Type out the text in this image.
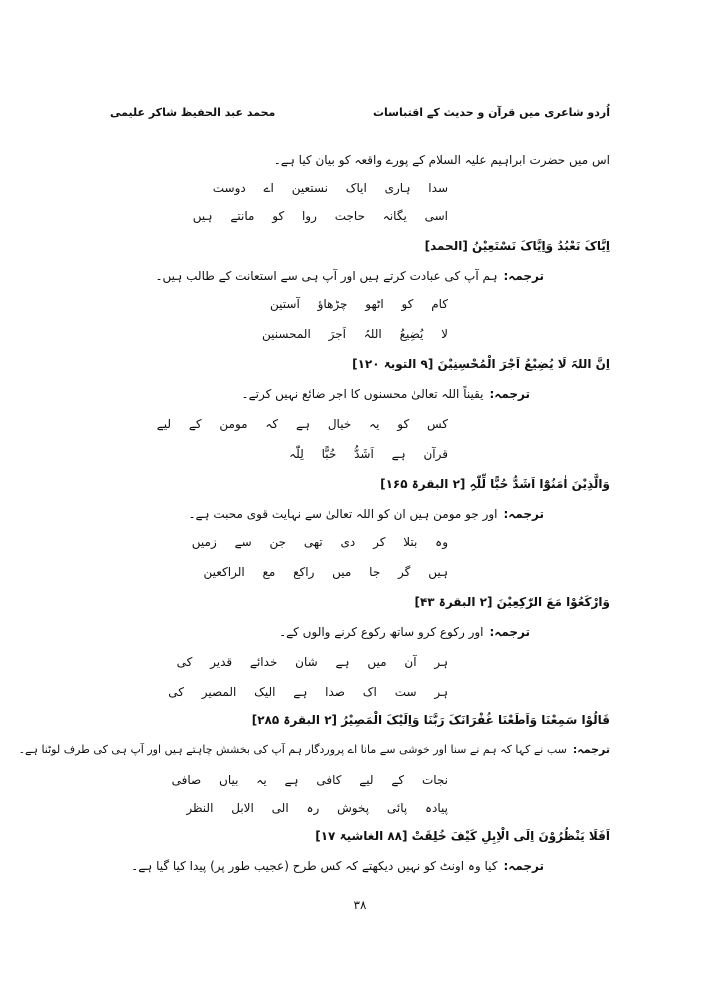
اُردو شاعری میں قرآن و حدیث کے اقتباسات
محمد عبد الحفیظ شاکر علیمی
اس میں حضرت ابراہیم علیہ السلام کے پورے واقعہ کو بیان کیا ہے۔
سدا ہاری ایاک نستعین اے دوست
اسی یگانہ حاجت روا کو مانتے ہیں
اِیَّاکَ نَعْبُدُ وَاِیَّاکَ نَسْتَعِیْنُ [الحمد]
ترجمہ:ہم آپ کی عبادت کرتے ہیں اور آپ ہی سے استعانت کے طالب ہیں۔
کام کو اٹھو چڑھاؤ آستین
لا یُضِیعُ اللہُ اَجرَ المحسنین
اِنَّ اللہَ لَا یُضِیْعُ اَجْرَ الْمُحْسِنِیْنَ [۹ التوبۃ ۱۲۰]
ترجمہ:یقیناً اللہ تعالیٰ محسنوں کا اجر ضائع نہیں کرتے۔
کس کو یہ خیال ہے کہ مومن کے لیے
قرآن ہے اَشَدُّ حُبًّا لِلّٰہ
وَالَّذِیْنَ اٰمَنُوْٓا اَشَدُّ حُبًّا لِّلّٰہِ [۲ البقرۃ ۱۶۵]
ترجمہ:اور جو مومن ہیں ان کو اللہ تعالیٰ سے نہایت قوی محبت ہے۔
وہ بتلا کر دی تھی جن سے زمیں
ہیں گر جا میں راکع مع الراکعین
وَارْکَعُوْا مَعَ الرّٰکِعِیْنَ [۲ البقرۃ ۴۳]
ترجمہ:اور رکوع کرو ساتھ رکوع کرنے والوں کے۔
ہر آن میں ہے شان خدائے قدیر کی
ہر ست اک صدا ہے الیک المصیر کی
قَالُوْا سَمِعْنَا وَاَطَعْنَا غُفْرَانَکَ رَبَّنَا وَاِلَیْکَ الْمَصِیْرُ [۲ البقرۃ ۲۸۵]
ترجمہ:سب نے کہا کہ ہم نے سنا اور خوشی سے مانا اے پروردگار ہم آپ کی بخشش چاہتے ہیں اور آپ ہی کی طرف لوٹنا ہے۔
نجات کے لیے کافی ہے یہ بیاں صافی
پیادہ پائی پخوش رہ الی الابل النظر
اَفَلَا یَنْظُرُوْنَ اِلَی الْاِبِلِ کَیْفَ خُلِقَتْ [۸۸ الغاشیۃ ۱۷]
ترجمہ:کیا وہ اونٹ کو نہیں دیکھتے کہ کس طرح (عجیب طور پر) پیدا کیا گیا ہے۔
۳۸
